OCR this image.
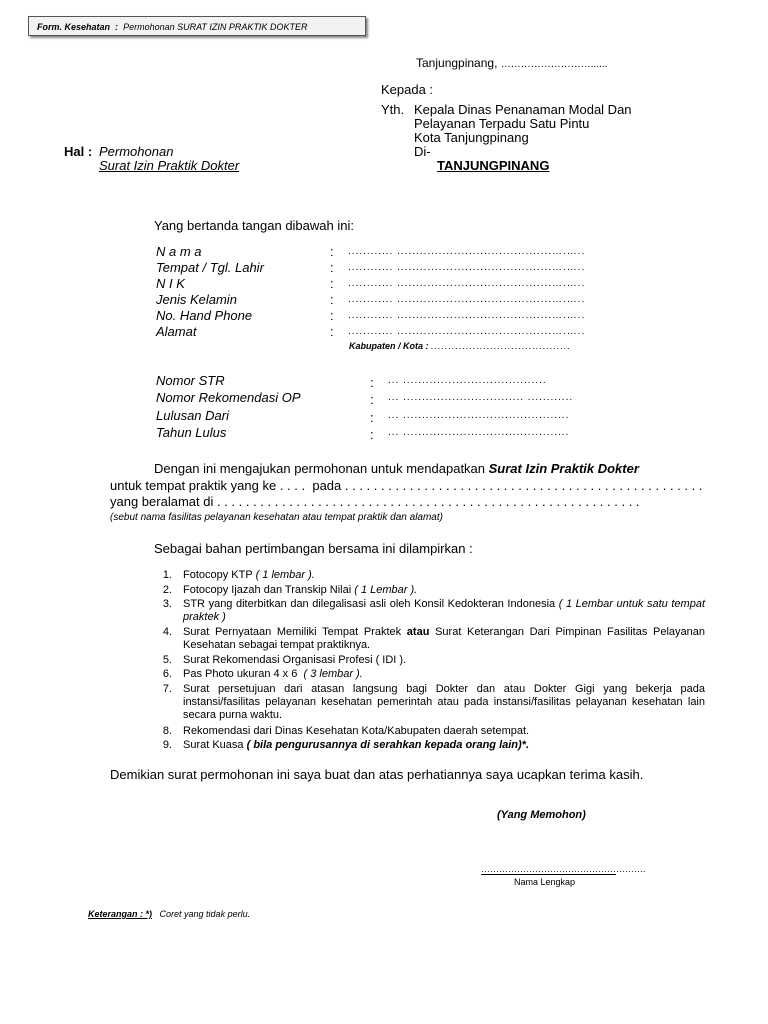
Form. Kesehatan : Permohonan SURAT IZIN PRAKTIK DOKTER
Tanjungpinang, ………………………......
Kepada :
Yth. Kepala Dinas Penanaman Modal Dan
Pelayanan Terpadu Satu Pintu
Kota Tanjungpinang
Di-
TANJUNGPINANG
Hal : Permohonan
Surat Izin Praktik Dokter
Yang bertanda tangan dibawah ini:
N a m a	: ............ .........................................….…..
Tempat / Tgl. Lahir	: ............ .........................................….…..
N I K	: ............ .........................................….…..
Jenis Kelamin	: ............ .........................................….…..
No. Hand Phone	: ............ .........................................….…..
Alamat	: ............ .........................................….…..
Kabupaten / Kota : ........................................
Nomor STR	: ... ......................................
Nomor Rekomendasi OP	: ... ................................ ............
Lulusan Dari	: ... ............................................
Tahun Lulus	: ... ............................................
Dengan ini mengajukan permohonan untuk mendapatkan Surat Izin Praktik Dokter
untuk tempat praktik yang ke . . . . pada . . . . . . . . . . . . . . . . . . . . . . . . . . . . . . . . . . . . . . . . . . . . . . . . . .
yang beralamat di . . . . . . . . . . . . . . . . . . . . . . . . . . . . . . . . . . . . . . . . . . . . . . . . . . . . . . . . . . .
(sebut nama fasilitas pelayanan kesehatan atau tempat praktik dan alamat)
Sebagai bahan pertimbangan bersama ini dilampirkan :
1. Fotocopy KTP ( 1 lembar ).
2. Fotocopy Ijazah dan Transkip Nilai ( 1 Lembar ).
3. STR yang diterbitkan dan dilegalisasi asli oleh Konsil Kedokteran Indonesia ( 1 Lembar untuk satu tempat praktek )
4. Surat Pernyataan Memiliki Tempat Praktek atau Surat Keterangan Dari Pimpinan Fasilitas Pelayanan Kesehatan sebagai tempat praktiknya.
5. Surat Rekomendasi Organisasi Profesi ( IDI ).
6. Pas Photo ukuran 4 x 6 ( 3 lembar ).
7. Surat persetujuan dari atasan langsung bagi Dokter dan atau Dokter Gigi yang bekerja pada instansi/fasilitas pelayanan kesehatan pemerintah atau pada instansi/fasilitas pelayanan kesehatan lain secara purna waktu.
8. Rekomendasi dari Dinas Kesehatan Kota/Kabupaten daerah setempat.
9. Surat Kuasa ( bila pengurusannya di serahkan kepada orang lain)*.
Demikian surat permohonan ini saya buat dan atas perhatiannya saya ucapkan terima kasih.
(Yang Memohon)
……………………………………………….
Nama Lengkap
Keterangan : *) Coret yang tidak perlu.
